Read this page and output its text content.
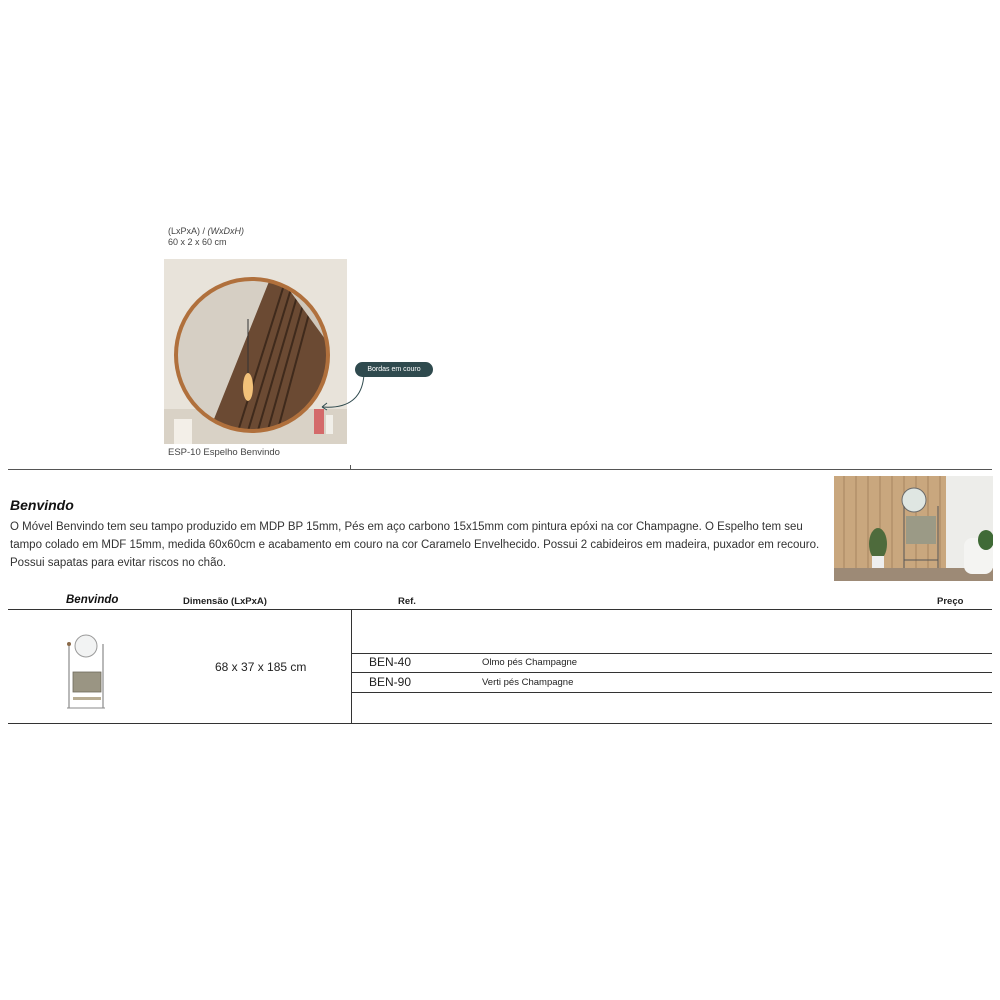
(LxPxA) / (WxDxH)
60 x 2 x 60 cm
Bordas em couro
ESP-10 Espelho Benvindo
Benvindo
O Móvel Benvindo tem seu tampo produzido em MDP BP 15mm, Pés em aço carbono 15x15mm com pintura epóxi na cor Champagne. O Espelho tem seu tampo colado em MDF 15mm, medida 60x60cm e acabamento em couro na cor Caramelo Envelhecido. Possui 2 cabideiros em madeira, puxador em recouro. Possui sapatas para evitar riscos no chão.
Benvindo	Dimensão (LxPxA)	Ref.	Preço
68 x 37 x 185 cm	BEN-40	Olmo pés Champagne
BEN-90	Verti pés Champagne
